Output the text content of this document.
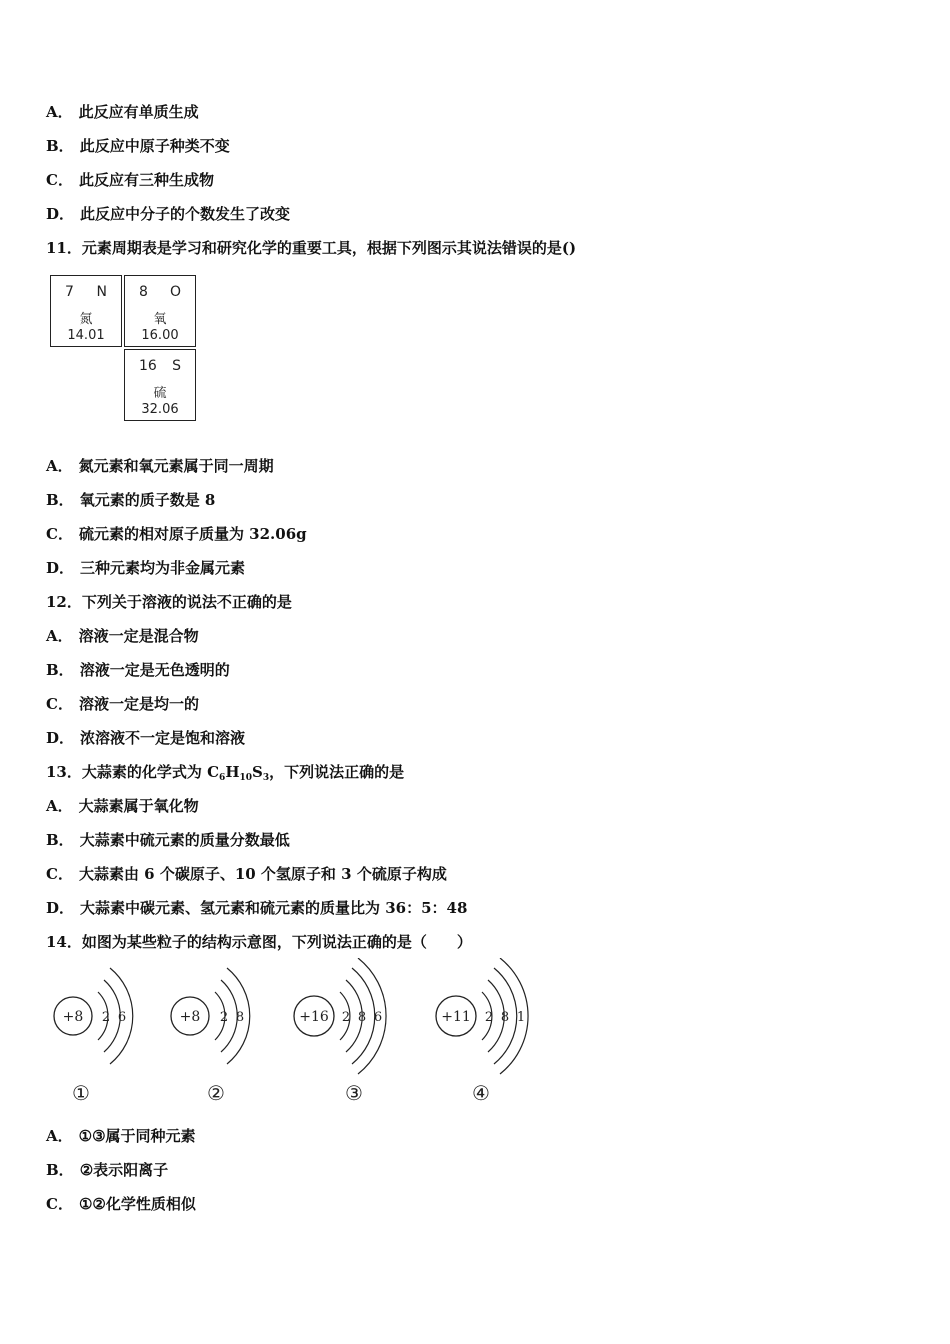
A． 此反应有单质生成
B． 此反应中原子种类不变
C． 此反应有三种生成物
D． 此反应中分子的个数发生了改变
11．元素周期表是学习和研究化学的重要工具，根据下列图示其说法错误的是()
7 N
氮
14.01
8 O
氧
16.00
16 S
硫
32.06
A． 氮元素和氧元素属于同一周期
B． 氧元素的质子数是 8
C． 硫元素的相对原子质量为 32.06g
D． 三种元素均为非金属元素
12．下列关于溶液的说法不正确的是
A． 溶液一定是混合物
B． 溶液一定是无色透明的
C． 溶液一定是均一的
D． 浓溶液不一定是饱和溶液
13．大蒜素的化学式为 $C_6H_{10}S_3$，下列说法正确的是
A． 大蒜素属于氧化物
B． 大蒜素中硫元素的质量分数最低
C． 大蒜素由 6 个碳原子、10 个氢原子和 3 个硫原子构成
D． 大蒜素中碳元素、氢元素和硫元素的质量比为 36：5：48
14．如图为某些粒子的结构示意图，下列说法正确的是（　　）
+8 2 6
①
+8 2 8
②
+16 2 8 6
③
+11 2 8 1
④
A． ①③属于同种元素
B． ②表示阳离子
C． ①②化学性质相似
